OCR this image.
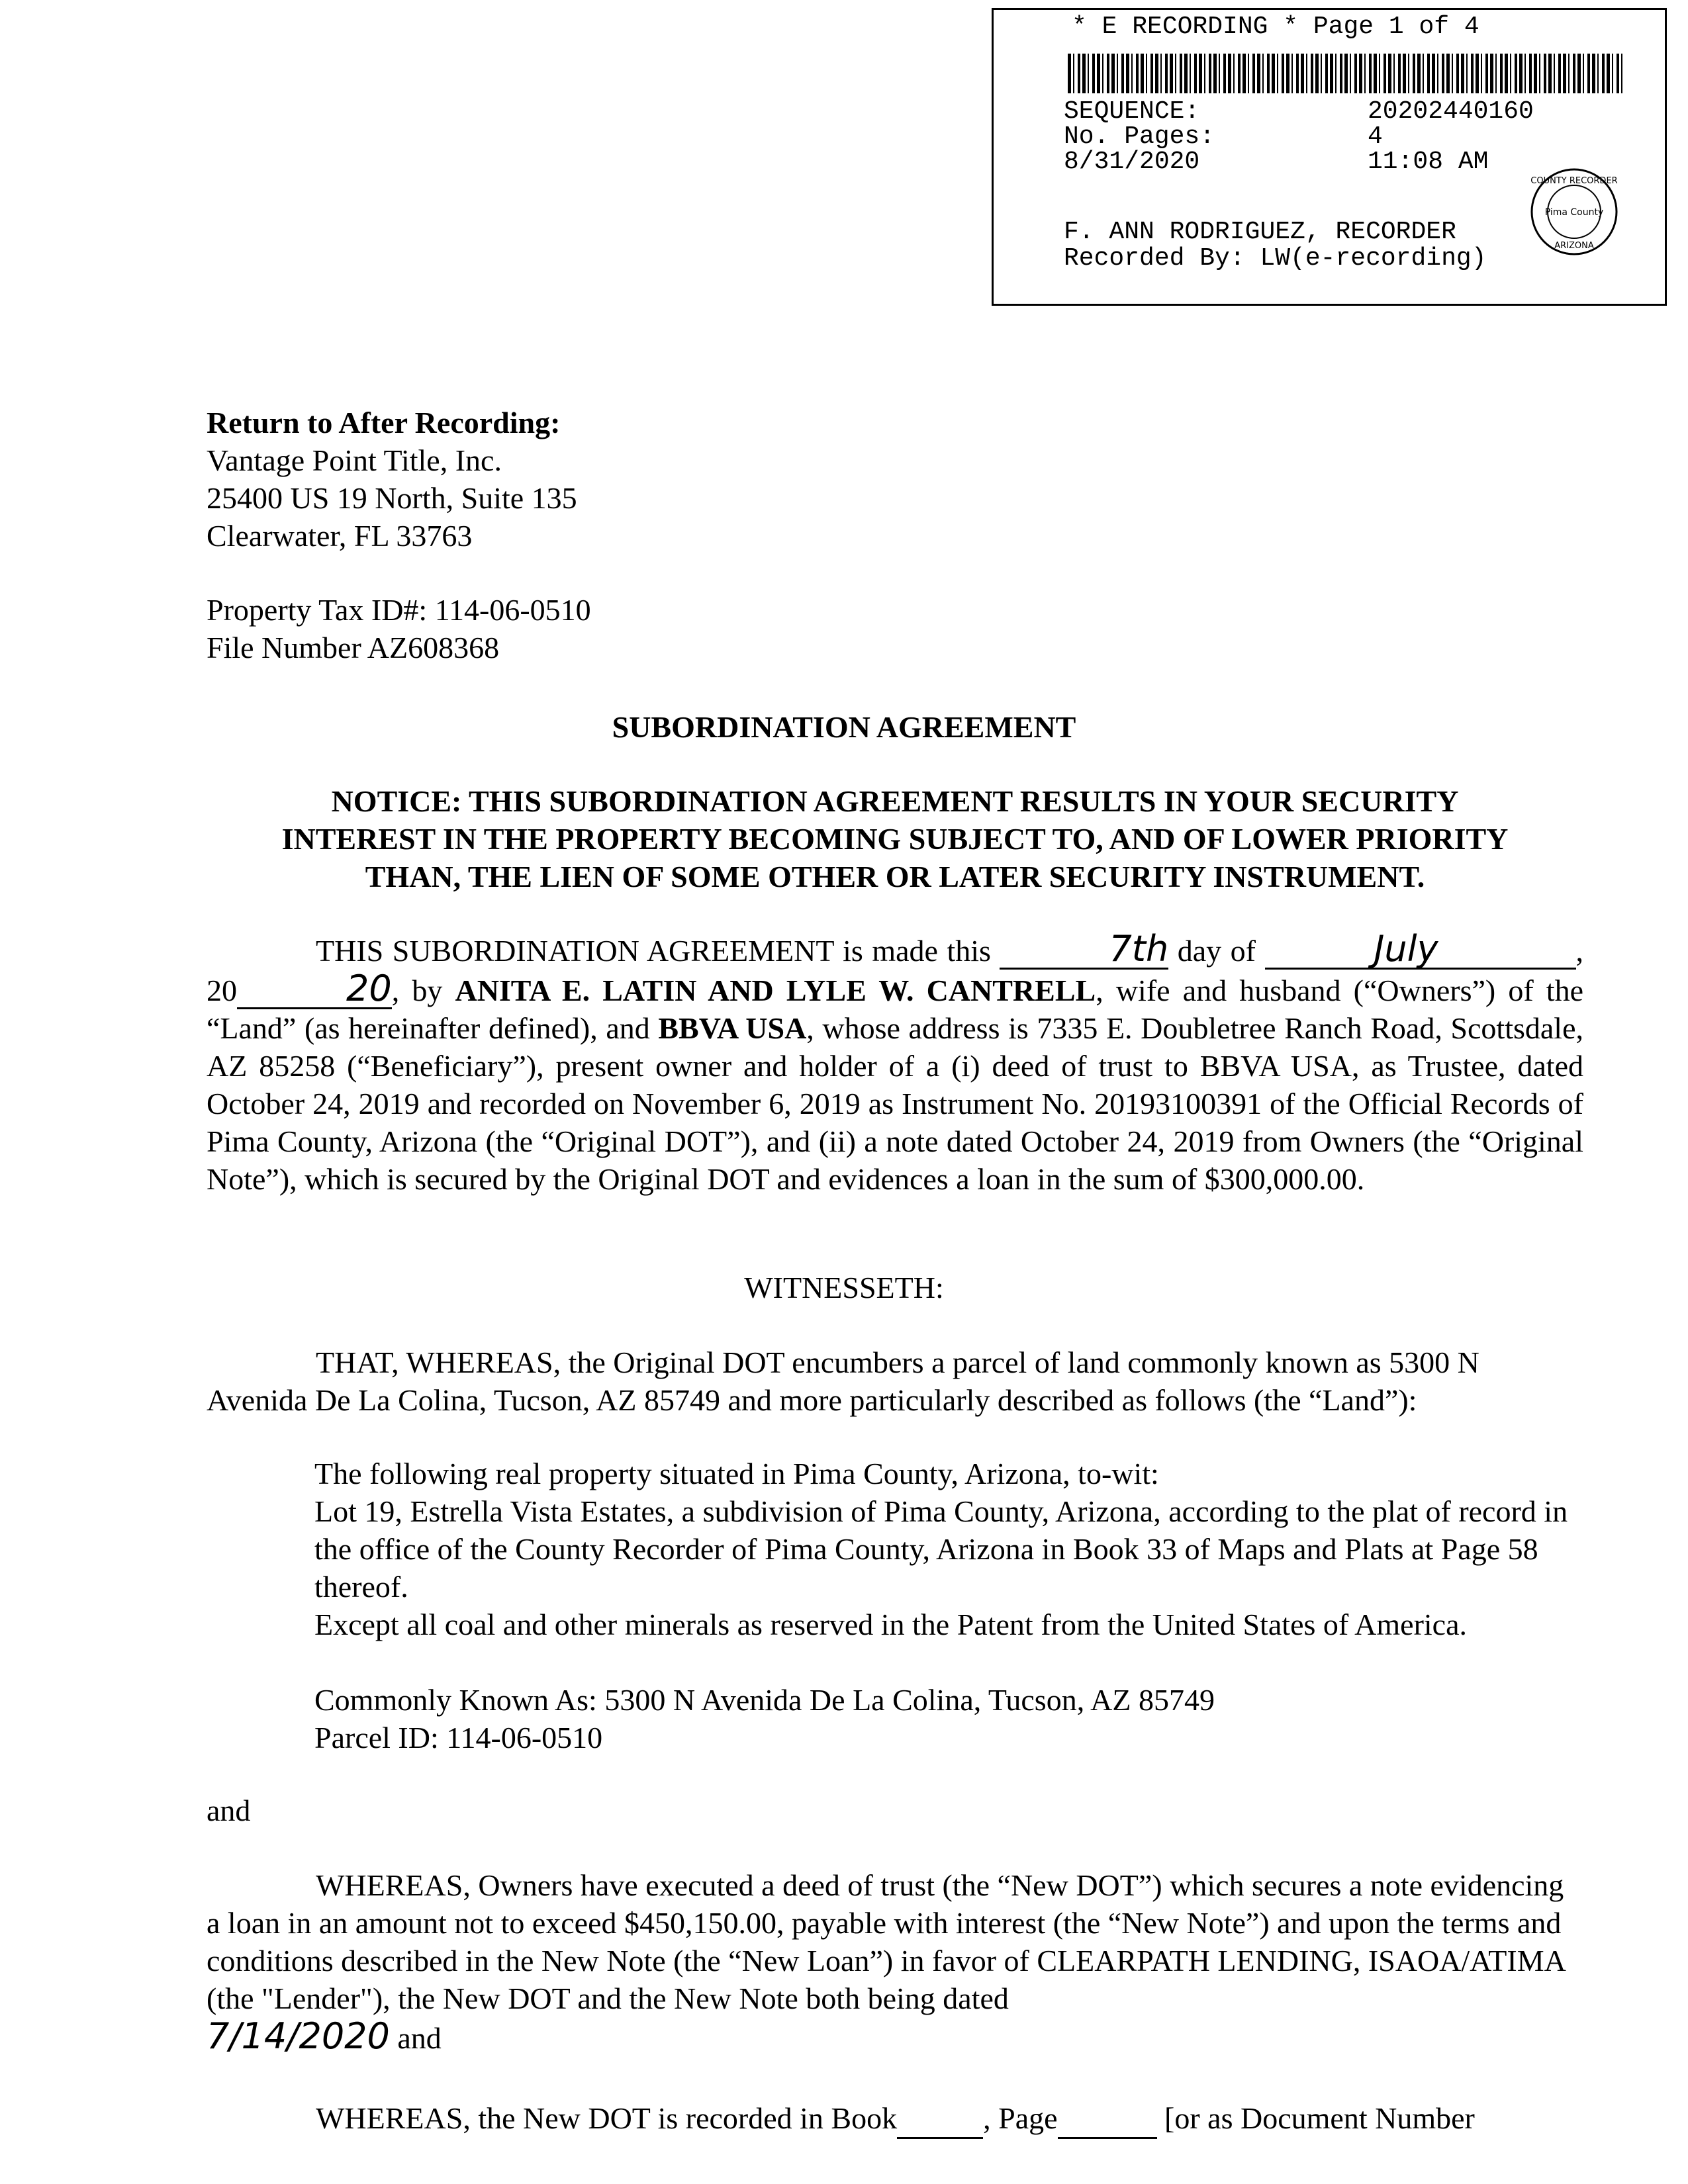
* E RECORDING * Page 1 of 4
SEQUENCE:	20202440160
No. Pages:	4
8/31/2020	11:08 AM
F. ANN RODRIGUEZ, RECORDER
Recorded By: LW(e-recording)
COUNTY RECORDER
Pima County
ARIZONA

Return to After Recording:

Vantage Point Title, Inc.

25400 US 19 North, Suite 135

Clearwater, FL 33763

Property Tax ID#: 114-06-0510

File Number AZ608368

SUBORDINATION AGREEMENT

NOTICE: THIS SUBORDINATION AGREEMENT RESULTS IN YOUR SECURITY

INTEREST IN THE PROPERTY BECOMING SUBJECT TO, AND OF LOWER PRIORITY

THAN, THE LIEN OF SOME OTHER OR LATER SECURITY INSTRUMENT.

THIS SUBORDINATION AGREEMENT is made this	7th day of	July	, 20	20, by ANITA E. LATIN AND LYLE W. CANTRELL, wife and husband (“Owners”) of the “Land” (as hereinafter defined), and BBVA USA, whose address is 7335 E. Doubletree Ranch Road, Scottsdale, AZ 85258 (“Beneficiary”), present owner and holder of a (i) deed of trust to BBVA USA, as Trustee, dated October 24, 2019 and recorded on November 6, 2019 as Instrument No. 20193100391 of the Official Records of Pima County, Arizona (the “Original DOT”), and (ii) a note dated October 24, 2019 from Owners (the “Original Note”), which is secured by the Original DOT and evidences a loan in the sum of $300,000.00.
WITNESSETH:
THAT, WHEREAS, the Original DOT encumbers a parcel of land commonly known as 5300 N Avenida De La Colina, Tucson, AZ 85749 and more particularly described as follows (the “Land”):

The following real property situated in Pima County, Arizona, to-wit:

Lot 19, Estrella Vista Estates, a subdivision of Pima County, Arizona, according to the plat of record in the office of the County Recorder of Pima County, Arizona in Book 33 of Maps and Plats at Page 58 thereof.

Except all coal and other minerals as reserved in the Patent from the United States of America.

Commonly Known As: 5300 N Avenida De La Colina, Tucson, AZ 85749

Parcel ID: 114-06-0510

and
WHEREAS, Owners have executed a deed of trust (the “New DOT”) which secures a note evidencing a loan in an amount not to exceed $450,150.00, payable with interest (the “New Note”) and upon the terms and conditions described in the New Note (the “New Loan”) in favor of CLEARPATH LENDING, ISAOA/ATIMA (the "Lender"), the New DOT and the New Note both being dated
7/14/2020 and
WHEREAS, the New DOT is recorded in Book	, Page	[or as Document Number
